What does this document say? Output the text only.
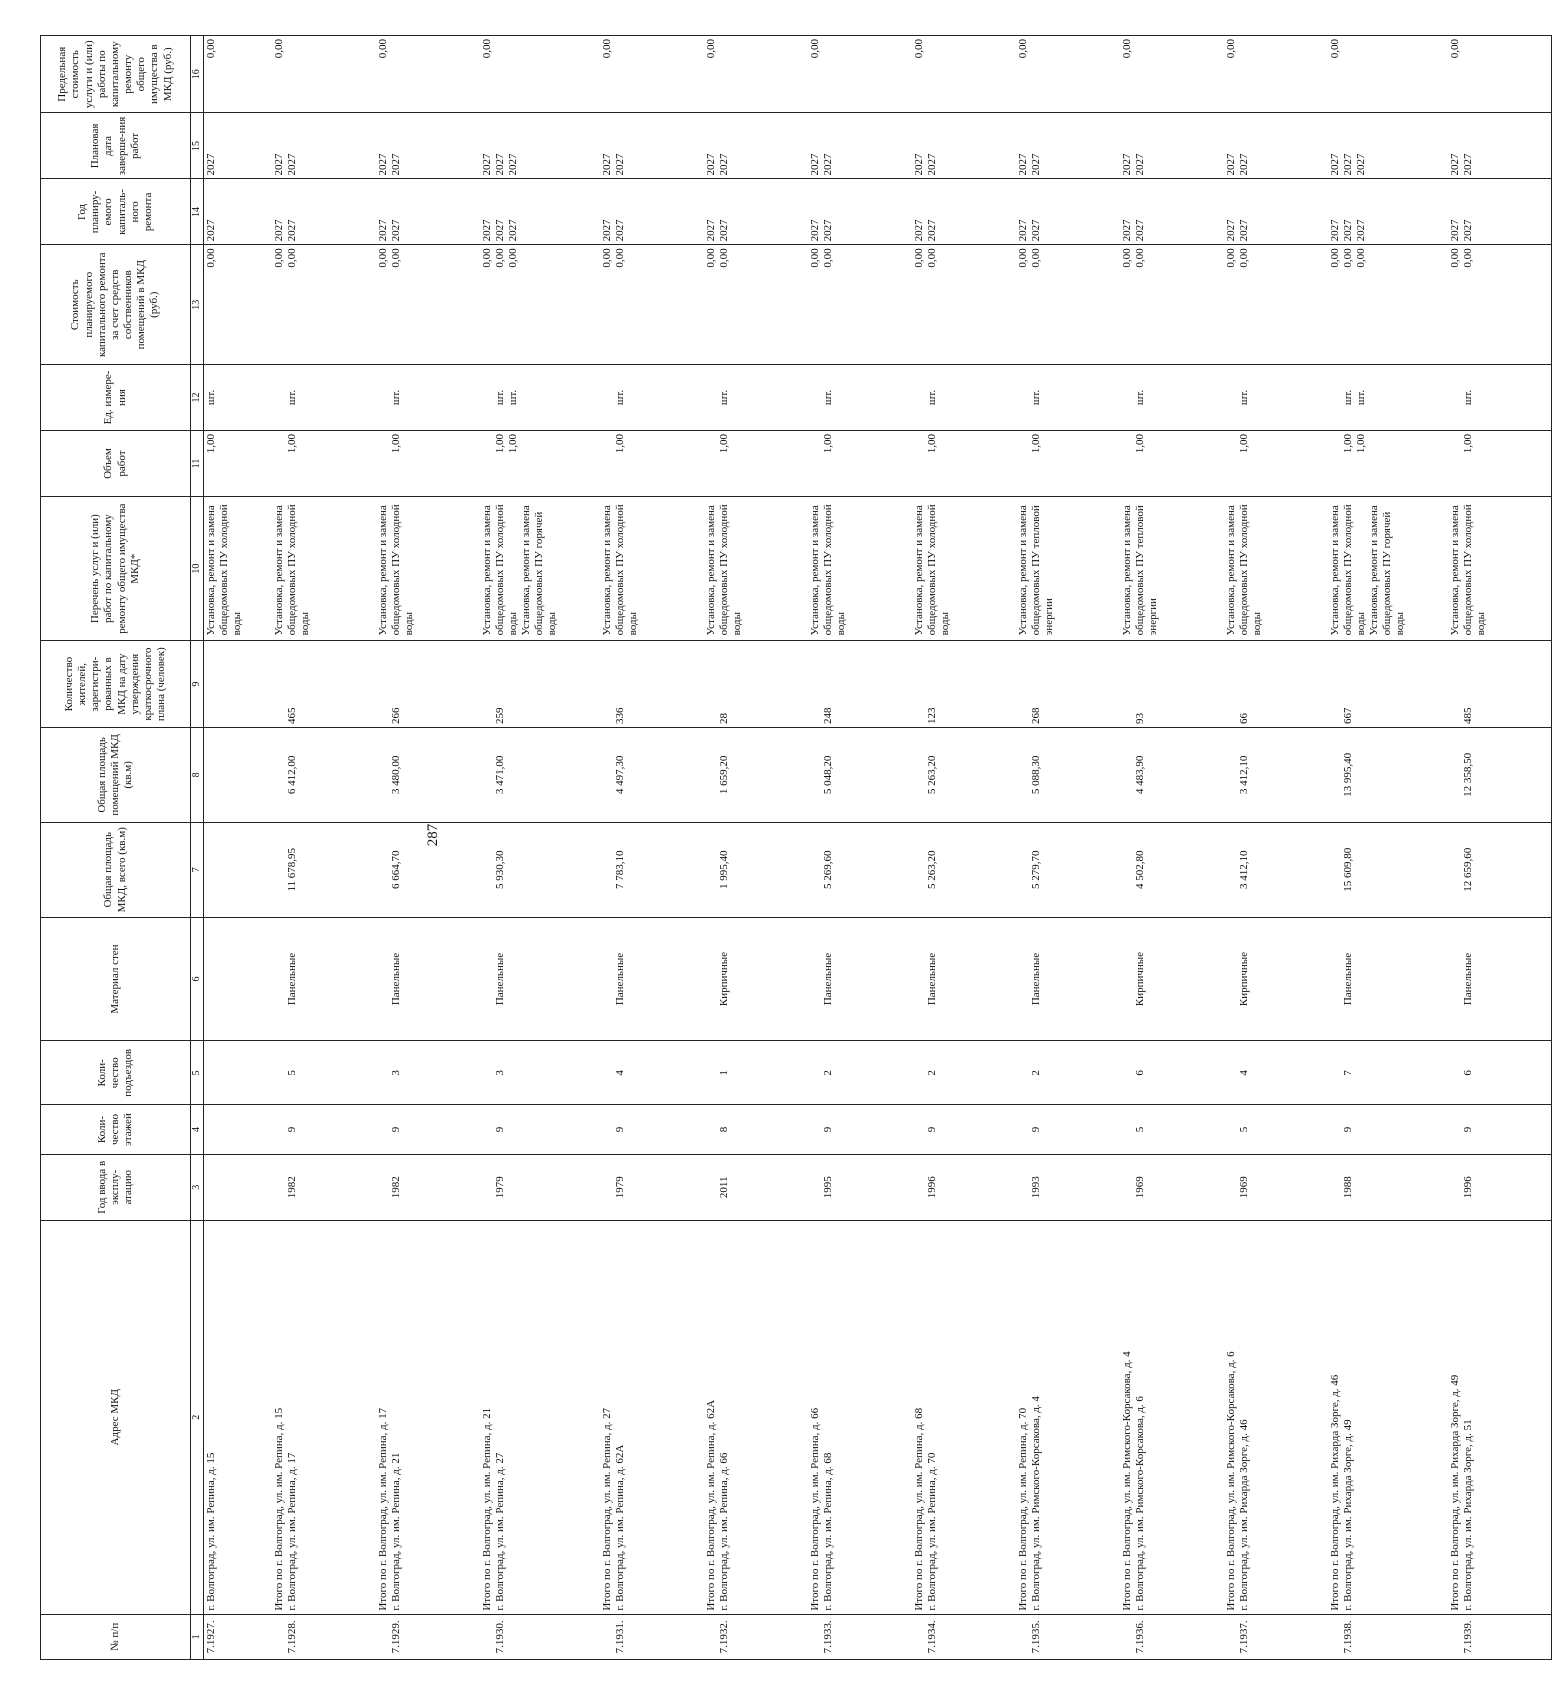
287
№ п/п	Адрес МКД	Год ввода в эксплу-атацию	Коли-чество этажей	Коли-чество подъездов	Материал стен	Общая площадь МКД, всего (кв.м)	Общая площадь помещений МКД (кв.м)	Количество жителей, зарегистри-рованных в МКД на дату утверждения краткосрочного плана (человек)	Перечень услуг и (или) работ по капитальному ремонту общего имущества МКД*	Объем работ	Ед. измере-ния	Стоимость планируемого капитального ремонта за счет средств собственников помещений в МКД (руб.)	Год планиру-емого капиталь-ного ремонта	Плановая дата заверше-ния работ	Предельная стоимость услуги и (или) работы по капитальному ремонту общего имущества в МКД (руб.)
1	2	3	4	5	6	7	8	9	10	11	12	13	14	15	16
7.1927.	г. Волгоград, ул. им. Репина, д. 15								Установка, ремонт и замена общедомовых ПУ холодной воды	1,00	шт.	0,00	2027	2027	0,00

7.1928.	Итого по г. Волгоград, ул. им. Репина, д. 15 г. Волгоград, ул. им. Репина, д. 17	1982	9	5	Панельные	11 678,95	6 412,00	465	Установка, ремонт и замена общедомовых ПУ холодной воды	1,00	шт.	0,00 0,00	2027 2027	2027 2027	0,00

7.1929.	Итого по г. Волгоград, ул. им. Репина, д. 17 г. Волгоград, ул. им. Репина, д. 21	1982	9	3	Панельные	6 664,70	3 480,00	266	Установка, ремонт и замена общедомовых ПУ холодной воды	1,00	шт.	0,00 0,00	2027 2027	2027 2027	0,00

7.1930.	Итого по г. Волгоград, ул. им. Репина, д. 21 г. Волгоград, ул. им. Репина, д. 27	1979	9	3	Панельные	5 930,30	3 471,00	259	Установка, ремонт и замена общедомовых ПУ холодной воды Установка, ремонт и замена общедомовых ПУ горячей воды	1,00 1,00	шт. шт.	0,00 0,00 0,00	2027 2027 2027	2027 2027 2027	0,00

7.1931.	Итого по г. Волгоград, ул. им. Репина, д. 27 г. Волгоград, ул. им. Репина, д. 62А	1979	9	4	Панельные	7 783,10	4 497,30	336	Установка, ремонт и замена общедомовых ПУ холодной воды	1,00	шт.	0,00 0,00	2027 2027	2027 2027	0,00

7.1932.	Итого по г. Волгоград, ул. им. Репина, д. 62А г. Волгоград, ул. им. Репина, д. 66	2011	8	1	Кирпичные	1 995,40	1 659,20	28	Установка, ремонт и замена общедомовых ПУ холодной воды	1,00	шт.	0,00 0,00	2027 2027	2027 2027	0,00

7.1933.	Итого по г. Волгоград, ул. им. Репина, д. 66 г. Волгоград, ул. им. Репина, д. 68	1995	9	2	Панельные	5 269,60	5 048,20	248	Установка, ремонт и замена общедомовых ПУ холодной воды	1,00	шт.	0,00 0,00	2027 2027	2027 2027	0,00

7.1934.	Итого по г. Волгоград, ул. им. Репина, д. 68 г. Волгоград, ул. им. Репина, д. 70	1996	9	2	Панельные	5 263,20	5 263,20	123	Установка, ремонт и замена общедомовых ПУ холодной воды	1,00	шт.	0,00 0,00	2027 2027	2027 2027	0,00

7.1935.	Итого по г. Волгоград, ул. им. Репина, д. 70 г. Волгоград, ул. им. Римского-Корсакова, д. 4	1993	9	2	Панельные	5 279,70	5 088,30	268	Установка, ремонт и замена общедомовых ПУ тепловой энергии	1,00	шт.	0,00 0,00	2027 2027	2027 2027	0,00

7.1936.	Итого по г. Волгоград, ул. им. Римского-Корсакова, д. 4 г. Волгоград, ул. им. Римского-Корсакова, д. 6	1969	5	6	Кирпичные	4 502,80	4 483,90	93	Установка, ремонт и замена общедомовых ПУ тепловой энергии	1,00	шт.	0,00 0,00	2027 2027	2027 2027	0,00

7.1937.	Итого по г. Волгоград, ул. им. Римского-Корсакова, д. 6 г. Волгоград, ул. им. Рихарда Зорге, д. 46	1969	5	4	Кирпичные	3 412,10	3 412,10	66	Установка, ремонт и замена общедомовых ПУ холодной воды	1,00	шт.	0,00 0,00	2027 2027	2027 2027	0,00

7.1938.	Итого по г. Волгоград, ул. им. Рихарда Зорге, д. 46 г. Волгоград, ул. им. Рихарда Зорге, д. 49	1988	9	7	Панельные	15 609,80	13 995,40	667	Установка, ремонт и замена общедомовых ПУ холодной воды Установка, ремонт и замена общедомовых ПУ горячей воды	1,00 1,00	шт. шт.	0,00 0,00 0,00	2027 2027 2027	2027 2027 2027	0,00

7.1939.	Итого по г. Волгоград, ул. им. Рихарда Зорге, д. 49 г. Волгоград, ул. им. Рихарда Зорге, д. 51	1996	9	6	Панельные	12 659,60	12 358,50	485	Установка, ремонт и замена общедомовых ПУ холодной воды	1,00	шт.	0,00 0,00	2027 2027	2027 2027	0,00
